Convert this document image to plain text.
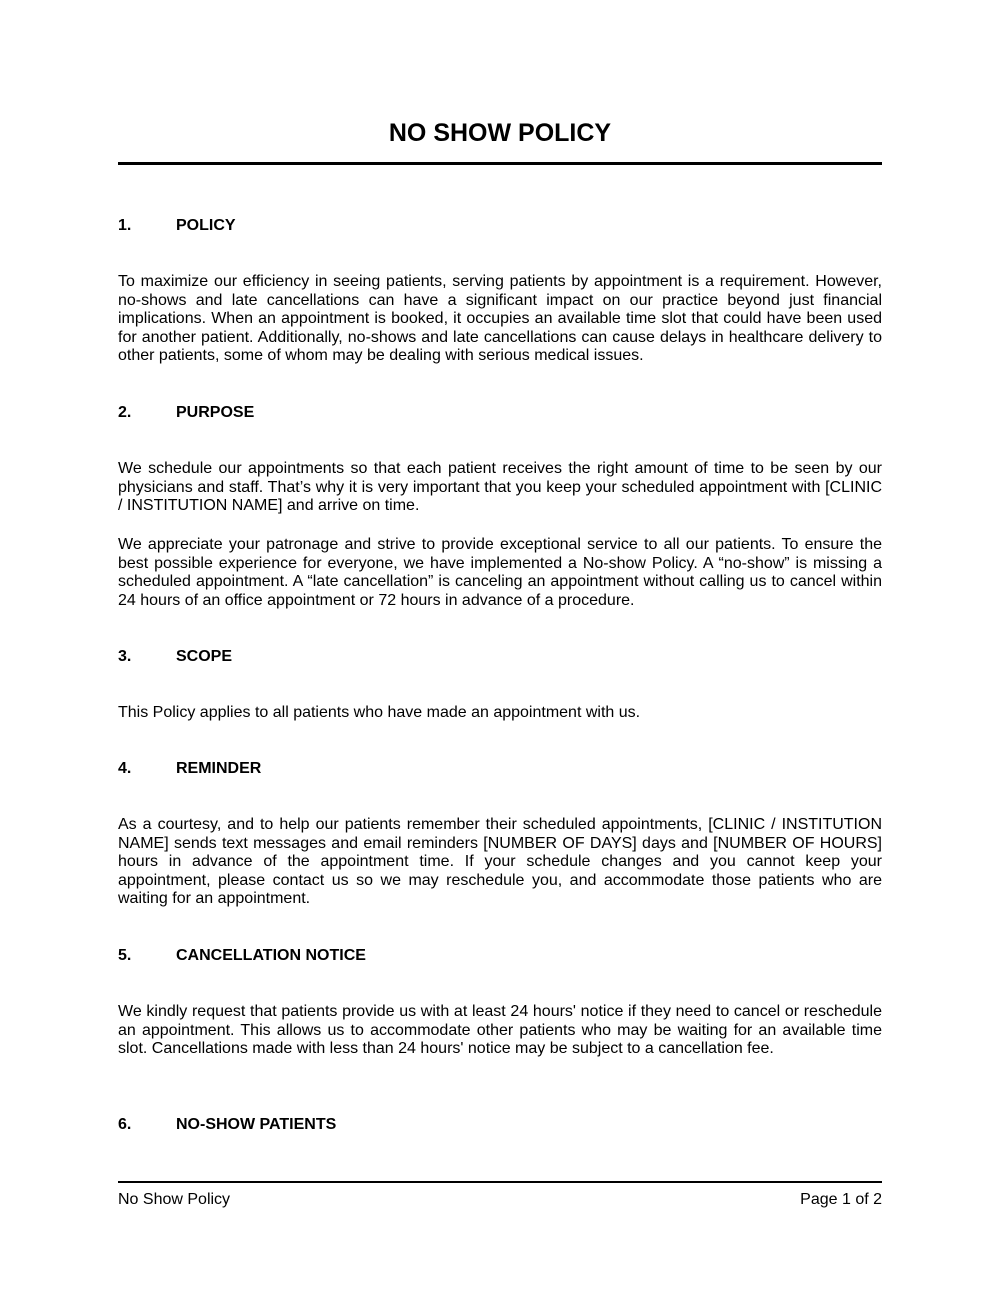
NO SHOW POLICY
1.	POLICY

To maximize our efficiency in seeing patients, serving patients by appointment is a requirement. However, no-shows and late cancellations can have a significant impact on our practice beyond just financial implications. When an appointment is booked, it occupies an available time slot that could have been used for another patient. Additionally, no-shows and late cancellations can cause delays in healthcare delivery to other patients, some of whom may be dealing with serious medical issues.

2.	PURPOSE

We schedule our appointments so that each patient receives the right amount of time to be seen by our physicians and staff. That’s why it is very important that you keep your scheduled appointment with [CLINIC / INSTITUTION NAME] and arrive on time.

We appreciate your patronage and strive to provide exceptional service to all our patients. To ensure the best possible experience for everyone, we have implemented a No-show Policy. A “no-show” is missing a scheduled appointment. A “late cancellation” is canceling an appointment without calling us to cancel within 24 hours of an office appointment or 72 hours in advance of a procedure.

3.	SCOPE

This Policy applies to all patients who have made an appointment with us.

4.	REMINDER

As a courtesy, and to help our patients remember their scheduled appointments, [CLINIC / INSTITUTION NAME] sends text messages and email reminders [NUMBER OF DAYS] days and [NUMBER OF HOURS] hours in advance of the appointment time. If your schedule changes and you cannot keep your appointment, please contact us so we may reschedule you, and accommodate those patients who are waiting for an appointment.

5.	CANCELLATION NOTICE

We kindly request that patients provide us with at least 24 hours' notice if they need to cancel or reschedule an appointment. This allows us to accommodate other patients who may be waiting for an available time slot. Cancellations made with less than 24 hours' notice may be subject to a cancellation fee.

6.	NO-SHOW PATIENTS
No Show Policy	Page 1 of 2
